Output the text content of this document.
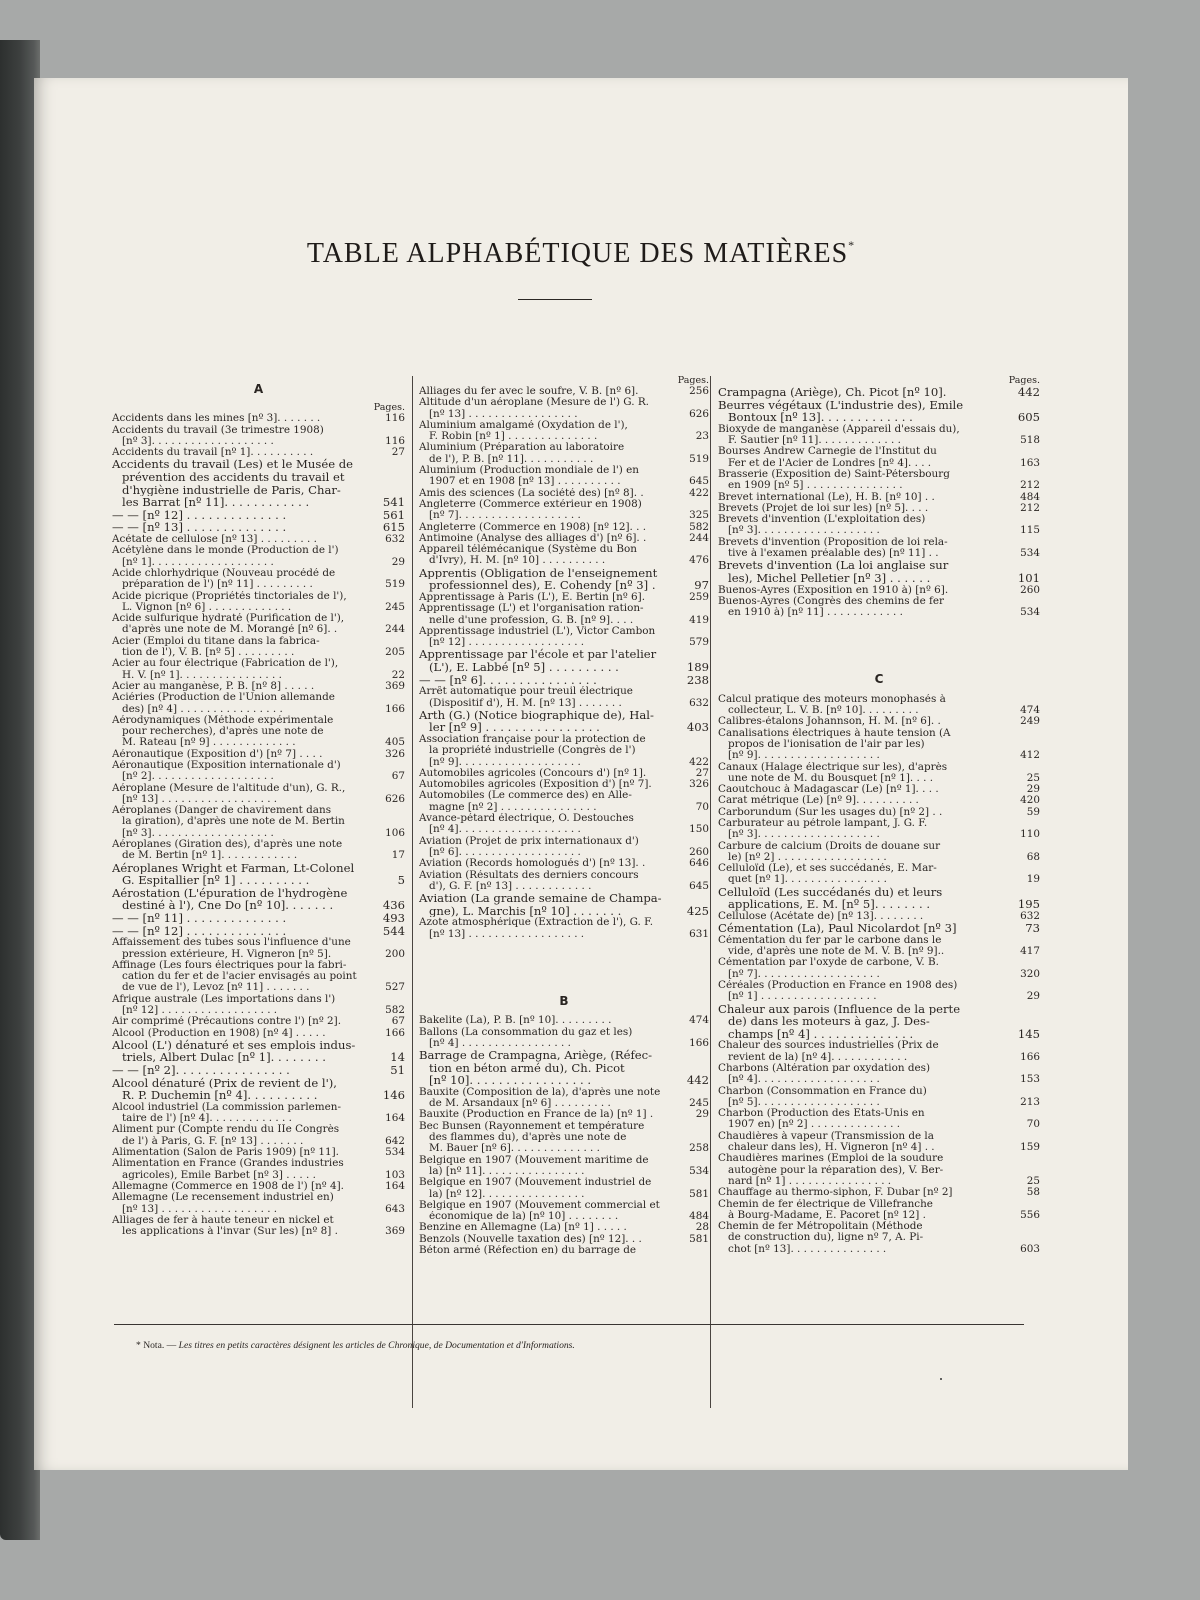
TABLE ALPHABÉTIQUE DES MATIÈRES*
A
Pages.
Accidents dans les mines [nº 3]. . . . . . .	116
Accidents du travail (3e trimestre 1908)
[nº 3]. . . . . . . . . . . . . . . . . . .	116
Accidents du travail [nº 1]. . . . . . . . . .	27
Accidents du travail (Les) et le Musée de
prévention des accidents du travail et
d'hygiène industrielle de Paris, Char-
les Barrat [nº 11]. . . . . . . . . . . .	541
— — [nº 12] . . . . . . . . . . . . . .	561
— — [nº 13] . . . . . . . . . . . . . .	615
Acétate de cellulose [nº 13] . . . . . . . . .	632
Acétylène dans le monde (Production de l')
[nº 1]. . . . . . . . . . . . . . . . . . .	29
Acide chlorhydrique (Nouveau procédé de
préparation de l') [nº 11] . . . . . . . . .	519
Acide picrique (Propriétés tinctoriales de l'),
L. Vignon [nº 6] . . . . . . . . . . . . .	245
Acide sulfurique hydraté (Purification de l'),
d'après une note de M. Morangé [nº 6]. .	244
Acier (Emploi du titane dans la fabrica-
tion de l'), V. B. [nº 5] . . . . . . . . .	205
Acier au four électrique (Fabrication de l'),
H. V. [nº 1]. . . . . . . . . . . . . . . .	22
Acier au manganèse, P. B. [nº 8] . . . . .	369
Aciéries (Production de l'Union allemande
des) [nº 4] . . . . . . . . . . . . . . . .	166
Aérodynamiques (Méthode expérimentale
pour recherches), d'après une note de
M. Rateau [nº 9] . . . . . . . . . . . . .	405
Aéronautique (Exposition d') [nº 7] . . . .	326
Aéronautique (Exposition internationale d')
[nº 2]. . . . . . . . . . . . . . . . . . .	67
Aéroplane (Mesure de l'altitude d'un), G. R.,
[nº 13] . . . . . . . . . . . . . . . . . .	626
Aéroplanes (Danger de chavirement dans
la giration), d'après une note de M. Bertin
[nº 3]. . . . . . . . . . . . . . . . . . .	106
Aéroplanes (Giration des), d'après une note
de M. Bertin [nº 1]. . . . . . . . . . . .	17
Aéroplanes Wright et Farman, Lt-Colonel
G. Espitallier [nº 1] . . . . . . . . . .	5
Aérostation (L'épuration de l'hydrogène
destiné à l'), Cne Do [nº 10]. . . . . . .	436
— — [nº 11] . . . . . . . . . . . . . .	493
— — [nº 12] . . . . . . . . . . . . . .	544
Affaissement des tubes sous l'influence d'une
pression extérieure, H. Vigneron [nº 5].	200
Affinage (Les fours électriques pour la fabri-
cation du fer et de l'acier envisagés au point
de vue de l'), Levoz [nº 11] . . . . . . .	527
Afrique australe (Les importations dans l')
[nº 12] . . . . . . . . . . . . . . . . . .	582
Air comprimé (Précautions contre l') [nº 2].	67
Alcool (Production en 1908) [nº 4] . . . . .	166
Alcool (L') dénaturé et ses emplois indus-
triels, Albert Dulac [nº 1]. . . . . . . .	14
— — [nº 2]. . . . . . . . . . . . . . . .	51
Alcool dénaturé (Prix de revient de l'),
R. P. Duchemin [nº 4]. . . . . . . . . .	146
Alcool industriel (La commission parlemen-
taire de l') [nº 4]. . . . . . . . . . . . .	164
Aliment pur (Compte rendu du IIe Congrès
de l') à Paris, G. F. [nº 13] . . . . . . .	642
Alimentation (Salon de Paris 1909) [nº 11].	534
Alimentation en France (Grandes industries
agricoles), Emile Barbet [nº 3] . . . . .	103
Allemagne (Commerce en 1908 de l') [nº 4].	164
Allemagne (Le recensement industriel en)
[nº 13] . . . . . . . . . . . . . . . . . .	643
Alliages de fer à haute teneur en nickel et
les applications à l'invar (Sur les) [nº 8] .	369
Pages.
Alliages du fer avec le soufre, V. B. [nº 6].	256
Altitude d'un aéroplane (Mesure de l') G. R.
[nº 13] . . . . . . . . . . . . . . . . .	626
Aluminium amalgamé (Oxydation de l'),
F. Robin [nº 1] . . . . . . . . . . . . . .	23
Aluminium (Préparation au laboratoire
de l'), P. B. [nº 11]. . . . . . . . . . .	519
Aluminium (Production mondiale de l') en
1907 et en 1908 [nº 13] . . . . . . . . . .	645
Amis des sciences (La société des) [nº 8]. .	422
Angleterre (Commerce extérieur en 1908)
[nº 7]. . . . . . . . . . . . . . . . . . .	325
Angleterre (Commerce en 1908) [nº 12]. . .	582
Antimoine (Analyse des alliages d') [nº 6]. .	244
Appareil télémécanique (Système du Bon
d'Ivry), H. M. [nº 10] . . . . . . . . . .	476
Apprentis (Obligation de l'enseignement
professionnel des), E. Cohendy [nº 3] .	97
Apprentissage à Paris (L'), E. Bertin [nº 6].	259
Apprentissage (L') et l'organisation ration-
nelle d'une profession, G. B. [nº 9]. . . .	419
Apprentissage industriel (L'), Victor Cambon
[nº 12] . . . . . . . . . . . . . . . . . .	579
Apprentissage par l'école et par l'atelier
(L'), E. Labbé [nº 5] . . . . . . . . . .	189
— — [nº 6]. . . . . . . . . . . . . . . .	238
Arrêt automatique pour treuil électrique
(Dispositif d'), H. M. [nº 13] . . . . . . .	632
Arth (G.) (Notice biographique de), Hal-
ler [nº 9] . . . . . . . . . . . . . . . .	403
Association française pour la protection de
la propriété industrielle (Congrès de l')
[nº 9]. . . . . . . . . . . . . . . . . . .	422
Automobiles agricoles (Concours d') [nº 1].	27
Automobiles agricoles (Exposition d') [nº 7].	326
Automobiles (Le commerce des) en Alle-
magne [nº 2] . . . . . . . . . . . . . . .	70
Avance-pétard électrique, O. Destouches
[nº 4]. . . . . . . . . . . . . . . . . . .	150
Aviation (Projet de prix internationaux d')
[nº 6]. . . . . . . . . . . . . . . . . . .	260
Aviation (Records homologués d') [nº 13]. .	646
Aviation (Résultats des derniers concours
d'), G. F. [nº 13] . . . . . . . . . . . .	645
Aviation (La grande semaine de Champa-
gne), L. Marchis [nº 10] . . . . . . .	425
Azote atmosphérique (Extraction de l'), G. F.
[nº 13] . . . . . . . . . . . . . . . . . .	631
B
Bakelite (La), P. B. [nº 10]. . . . . . . . .	474
Ballons (La consommation du gaz et les)
[nº 4] . . . . . . . . . . . . . . . . .	166
Barrage de Crampagna, Ariège, (Réfec-
tion en béton armé du), Ch. Picot
[nº 10]. . . . . . . . . . . . . . . . .	442
Bauxite (Composition de la), d'après une note
de M. Arsandaux [nº 6] . . . . . . . . .	245
Bauxite (Production en France de la) [nº 1] .	29
Bec Bunsen (Rayonnement et température
des flammes du), d'après une note de
M. Bauer [nº 6]. . . . . . . . . . . . . .	258
Belgique en 1907 (Mouvement maritime de
la) [nº 11]. . . . . . . . . . . . . . . .	534
Belgique en 1907 (Mouvement industriel de
la) [nº 12]. . . . . . . . . . . . . . . .	581
Belgique en 1907 (Mouvement commercial et
économique de la) [nº 10] . . . . . . . .	484
Benzine en Allemagne (La) [nº 1] . . . . .	28
Benzols (Nouvelle taxation des) [nº 12]. . .	581
Béton armé (Réfection en) du barrage de
Pages.
Crampagna (Ariège), Ch. Picot [nº 10].	442
Beurres végétaux (L'industrie des), Emile
Bontoux [nº 13]. . . . . . . . . . . . .	605
Bioxyde de manganèse (Appareil d'essais du),
F. Sautier [nº 11]. . . . . . . . . . . . .	518
Bourses Andrew Carnegie de l'Institut du
Fer et de l'Acier de Londres [nº 4]. . . .	163
Brasserie (Exposition de) Saint-Pétersbourg
en 1909 [nº 5] . . . . . . . . . . . . . . .	212
Brevet international (Le), H. B. [nº 10] . .	484
Brevets (Projet de loi sur les) [nº 5]. . . .	212
Brevets d'invention (L'exploitation des)
[nº 3]. . . . . . . . . . . . . . . . . . .	115
Brevets d'invention (Proposition de loi rela-
tive à l'examen préalable des) [nº 11] . .	534
Brevets d'invention (La loi anglaise sur
les), Michel Pelletier [nº 3] . . . . . .	101
Buenos-Ayres (Exposition en 1910 à) [nº 6].	260
Buenos-Ayres (Congrès des chemins de fer
en 1910 à) [nº 11] . . . . . . . . . . . .	534
C
Calcul pratique des moteurs monophasés à
collecteur, L. V. B. [nº 10]. . . . . . . . .	474
Calibres-étalons Johannson, H. M. [nº 6]. .	249
Canalisations électriques à haute tension (A
propos de l'ionisation de l'air par les)
[nº 9]. . . . . . . . . . . . . . . . . . .	412
Canaux (Halage électrique sur les), d'après
une note de M. du Bousquet [nº 1]. . . .	25
Caoutchouc à Madagascar (Le) [nº 1]. . . .	29
Carat métrique (Le) [nº 9]. . . . . . . . . .	420
Carborundum (Sur les usages du) [nº 2] . .	59
Carburateur au pétrole lampant, J. G. F.
[nº 3]. . . . . . . . . . . . . . . . . . .	110
Carbure de calcium (Droits de douane sur
le) [nº 2] . . . . . . . . . . . . . . . . .	68
Celluloïd (Le), et ses succédanés, E. Mar-
quet [nº 1]. . . . . . . . . . . . . . . .	19
Celluloïd (Les succédanés du) et leurs
applications, E. M. [nº 5]. . . . . . . .	195
Cellulose (Acétate de) [nº 13]. . . . . . . .	632
Cémentation (La), Paul Nicolardot [nº 3]	73
Cémentation du fer par le carbone dans le
vide, d'après une note de M. V. B. [nº 9]..	417
Cémentation par l'oxyde de carbone, V. B.
[nº 7]. . . . . . . . . . . . . . . . . . .	320
Céréales (Production en France en 1908 des)
[nº 1] . . . . . . . . . . . . . . . . . .	29
Chaleur aux parois (Influence de la perte
de) dans les moteurs à gaz, J. Des-
champs [nº 4] . . . . . . . . . . . . . .	145
Chaleur des sources industrielles (Prix de
revient de la) [nº 4]. . . . . . . . . . . .	166
Charbons (Altération par oxydation des)
[nº 4]. . . . . . . . . . . . . . . . . . .	153
Charbon (Consommation en France du)
[nº 5]. . . . . . . . . . . . . . . . . . .	213
Charbon (Production des Etats-Unis en
1907 en) [nº 2] . . . . . . . . . . . . . .	70
Chaudières à vapeur (Transmission de la
chaleur dans les), H. Vigneron [nº 4] . .	159
Chaudières marines (Emploi de la soudure
autogène pour la réparation des), V. Ber-
nard [nº 1] . . . . . . . . . . . . . . . .	25
Chauffage au thermo-siphon, F. Dubar [nº 2]	58
Chemin de fer électrique de Villefranche
à Bourg-Madame, E. Pacoret [nº 12] .	556
Chemin de fer Métropolitain (Méthode
de construction du), ligne nº 7, A. Pi-
chot [nº 13]. . . . . . . . . . . . . . .	603
* Nota. — Les titres en petits caractères désignent les articles de Chronique, de Documentation et d'Informations.
